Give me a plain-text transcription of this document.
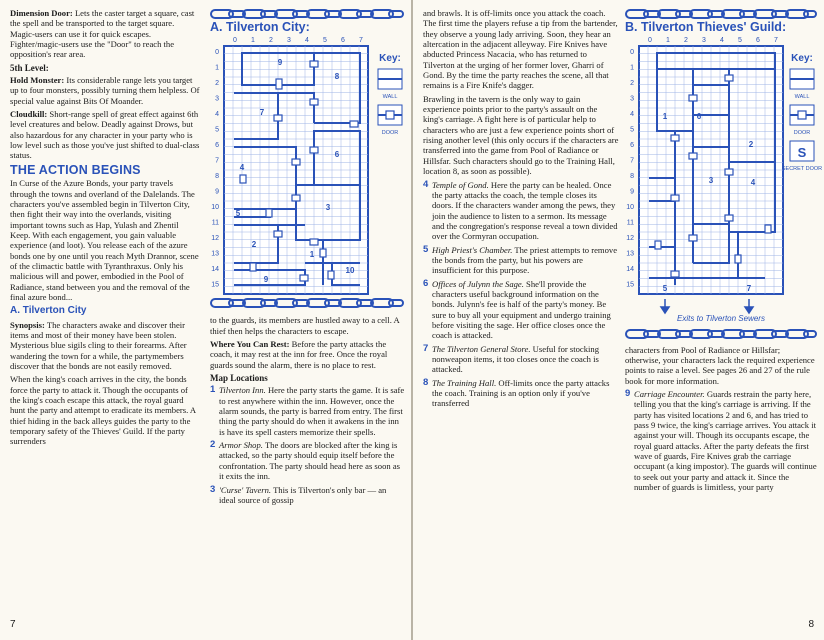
Dimension Door: Lets the caster target a square, cast the spell and be transported to the target square. Magic-users can use it for quick escapes. Fighter/magic-users use the "Door" to reach the opposition's rear area.

5th Level:

Hold Monster: Its considerable range lets you target up to four monsters, possibly turning them helpless. Of special value against Bits Of Moander.

Cloudkill: Short-range spell of great effect against 6th level creatures and below. Deadly against Drows, but also hazardous for any character in your party who is low level such as those you've just shifted to dual-class status.

THE ACTION BEGINS

In Curse of the Azure Bonds, your party travels through the towns and overland of the Dalelands. The characters you've assembled begin in Tilverton City, then fight their way into the overlands, visiting important towns such as Hap, Yulash and Zhentil Keep. With each engagement, you gain valuable experience (and loot). You release each of the azure bonds one by one until you reach Myth Drannor, scene of the climactic battle with Tyranthraxus. Only his malicious will and power, embodied in the Pool of Radiance, stand between you and the removal of the final azure bond...

A. Tilverton City

Synopsis: The characters awake and discover their items and most of their money have been stolen. Mysterious blue sigils cling to their forearms. After wandering the town for a while, the partymembers discover that the bonds are not easily removed.

When the king's coach arrives in the city, the bonds force the party to attack it. Though the occupants of the king's coach escape this attack, the royal guard hunt the party and attempt to eradicate its members. A thief hiding in the back alleys guides the party to the temporary safety of the Thieves' Guild. If the party surrenders

A. Tilverton City:
0 1 2 3 4 5 6 7
0
1
2
3
4
5
6
7
8
9
10
11
12
13
14
15
9
8
7
6
4
3
5
2
1
10
9
Key:
WALL
DOOR

to the guards, its members are hustled away to a cell. A thief then helps the characters to escape.

Where You Can Rest: Before the party attacks the coach, it may rest at the inn for free. Once the royal guards sound the alarm, there is no place to rest.

Map Locations
1 Tilverton Inn. Here the party starts the game. It is safe to rest anywhere within the inn. However, once the alarm sounds, the party is barred from entry. The first thing the party should do when it awakens in the inn is have its spell casters memorize their spells.
2 Armor Shop. The doors are blocked after the king is attacked, so the party should equip itself before the confrontation. The party should head here as soon as it exits the inn.
3 'Curse' Tavern. This is Tilverton's only bar — an ideal source of gossip
7

and brawls. It is off-limits once you attack the coach. The first time the players refuse a tip from the bartender, they observe a young lady arriving. Soon, they hear an altercation in the adjacent alleyway. Fire Knives have abducted Princess Nacacia, who has returned to Tilverton at the urging of her former lover, Gharri of Gond. By the time the party reaches the scene, all that remains is a Fire Knife's dagger.

Brawling in the tavern is the only way to gain experience points prior to the party's assault on the king's carriage. A fight here is of particular help to characters who are just a few experience points short of rising another level (this only occurs if the characters are transferred into the game from Pool of Radiance or Hillsfar. Such characters should go to the Training Hall, location 8, as soon as possible).

4 Temple of Gond. Here the party can be healed. Once the party attacks the coach, the temple closes its doors. If the characters wander among the pews, they join the audience to listen to a sermon. Its message and the congregation's response reveal a town divided over the Cormyran occupation.
5 High Priest's Chamber. The priest attempts to remove the bonds from the party, but his powers are insufficient for this purpose.
6 Offices of Julynn the Sage. She'll provide the characters useful background information on the bonds. Julynn's fee is half of the party's money. Be sure to buy all your equipment and undergo training before visiting the sage. Her office closes once the coach is attacked.
7 The Tilverton General Store. Useful for stocking nonweapon items, it too closes once the coach is attacked.
8 The Training Hall. Off-limits once the party attacks the coach. Training is an option only if you've transferred
B. Tilverton Thieves' Guild:
0 1 2 3 4 5 6 7
0
1
2
3
4
5
6
7
8
9
10
11
12
13
14
15
1	6
2
3	4
5	7
Key:
WALL
DOOR
S
SECRET DOOR
Exits to Tilverton Sewers

characters from Pool of Radiance or Hillsfar; otherwise, your characters lack the required experience points to raise a level. See pages 26 and 27 of the rule book for more information.

9 Carriage Encounter. Guards restrain the party here, telling you that the king's carriage is arriving. If the party has visited locations 2 and 6, and has tried to pass 9 twice, the king's carriage arrives. You attack it against your will. Though its occupants escape, the royal guard attacks. After the party defeats the first wave of guards, Fire Knives grab the carriage occupant (a king impostor). The guards will continue to seek out your party and attack it. Since the number of guards is limitless, your party
8
